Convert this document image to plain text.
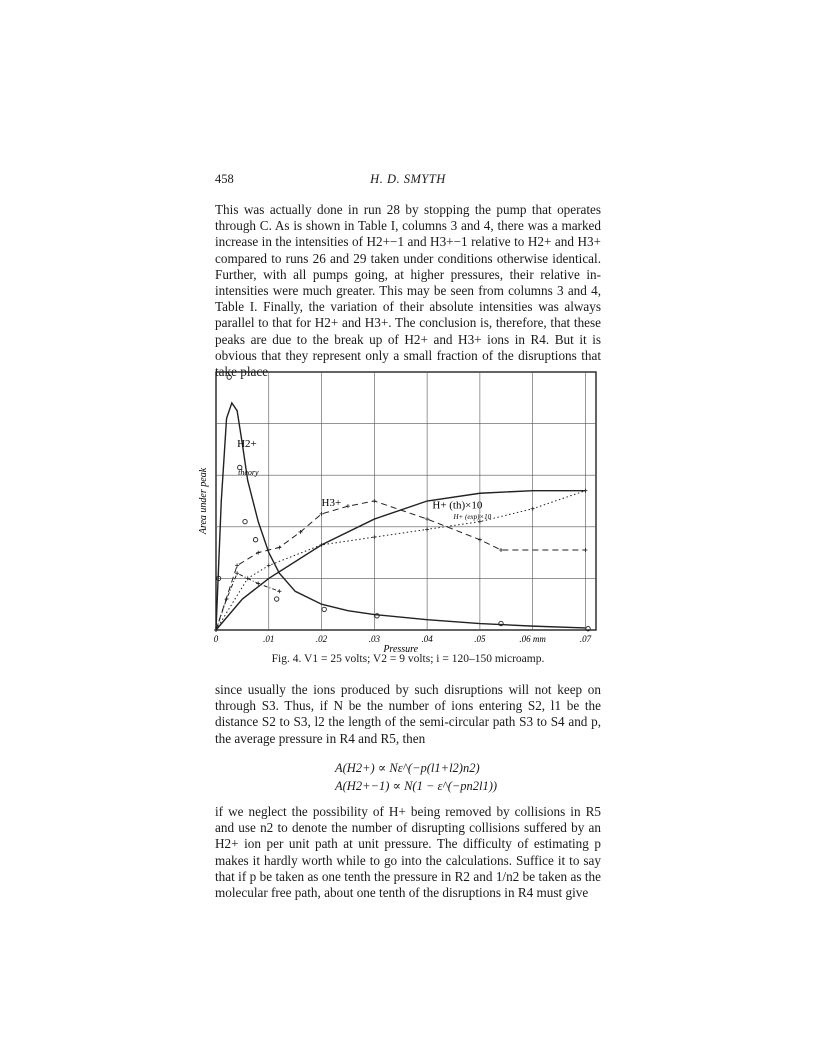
458	H. D. SMYTH

This was actually done in run 28 by stopping the pump that operates through C. As is shown in Table I, columns 3 and 4, there was a marked increase in the intensities of H2+−1 and H3+−1 relative to H2+ and H3+ compared to runs 26 and 29 taken under conditions otherwise identical. Further, with all pumps going, at higher pressures, their relative in-intensities were much greater. This may be seen from columns 3 and 4, Table I. Finally, the variation of their absolute intensities was always parallel to that for H2+ and H3+. The conclusion is, therefore, that these peaks are due to the break up of H2+ and H3+ ions in R4. But it is obvious that they represent only a small fraction of the disruptions that take place

0	.01	.02	.03	.04	.05	.06 mm	.07
Pressure
Area under peak
H2+
theory
H3+	H+ (th)×10
H+ (exp)×10
Fig. 4. V1 = 25 volts; V2 = 9 volts; i = 120–150 microamp.

since usually the ions produced by such disruptions will not keep on through S3. Thus, if N be the number of ions entering S2, l1 be the distance S2 to S3, l2 the length of the semi-circular path S3 to S4 and p, the average pressure in R4 and R5, then

A(H2+) ∝ Nε^(−p(l1+l2)n2)
A(H2+−1) ∝ N(1 − ε^(−pn2l1))

if we neglect the possibility of H+ being removed by collisions in R5 and use n2 to denote the number of disrupting collisions suffered by an H2+ ion per unit path at unit pressure. The difficulty of estimating p makes it hardly worth while to go into the calculations. Suffice it to say that if p be taken as one tenth the pressure in R2 and 1/n2 be taken as the molecular free path, about one tenth of the disruptions in R4 must give
